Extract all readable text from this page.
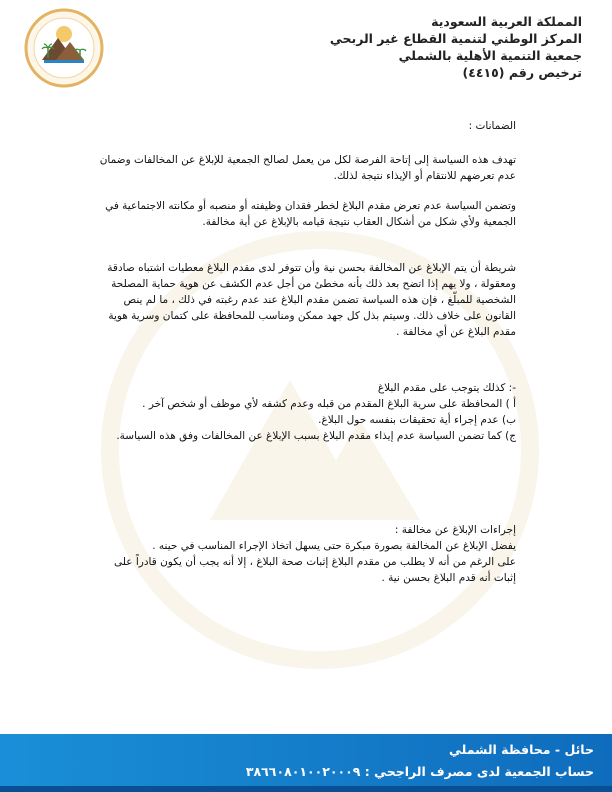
المملكة العربية السعودية
المركز الوطني لتنمية القطاع غير الربحي
جمعية التنمية الأهلية بالشملي
ترخيص رقم (٤٤١٥)

الضمانات :

تهدف هذه السياسة إلى إتاحة الفرصة لكل من يعمل لصالح الجمعية للإبلاغ عن المخالفات وضمان عدم تعرضهم للانتقام أو الإيذاء نتيجة لذلك.

وتضمن السياسة عدم تعرض مقدم البلاغ لخطر فقدان وظيفته أو منصبه أو مكانته الاجتماعية في الجمعية ولأي شكل من أشكال العقاب نتيجة قيامه بالإبلاغ عن أية مخالفة.

شريطة أن يتم الإبلاغ عن المخالفة بحسن نية وأن تتوفر لدى مقدم البلاغ معطيات اشتباه صادقة ومعقولة ، ولا يهم إذا اتضح بعد ذلك بأنه مخطئ من أجل عدم الكشف عن هوية حماية المصلحة الشخصية للمبلّغ ، فإن هذه السياسة تضمن مقدم البلاغ عند عدم رغبته في ذلك ، ما لم ينص القانون على خلاف ذلك. وسيتم بذل كل جهد ممكن ومناسب للمحافظة على كتمان وسرية هوية مقدم البلاغ عن أي مخالفة .

-: كذلك يتوجب على مقدم البلاغ

أ ) المحافظة على سرية البلاغ المقدم من قبله وعدم كشفه لأي موظف أو شخص آخر .

ب) عدم إجراء أية تحقيقات بنفسه حول البلاغ.

ج) كما تضمن السياسة عدم إيذاء مقدم البلاغ بسبب الإبلاغ عن المخالفات وفق هذه السياسة.

إجراءات الإبلاغ عن مخالفة :

يفضل الإبلاغ عن المخالفة بصورة مبكرة حتى يسهل اتخاذ الإجراء المناسب في حينه .

على الرغم من أنه لا يطلب من مقدم البلاغ إثبات صحة البلاغ ، إلا أنه يجب أن يكون قادراً على إثبات أنه قدم البلاغ بحسن نية .

حائل - محافظة الشملي
حساب الجمعية لدى مصرف الراجحي : ٣٨٦٦٠٨٠١٠٠٢٠٠٠٩
